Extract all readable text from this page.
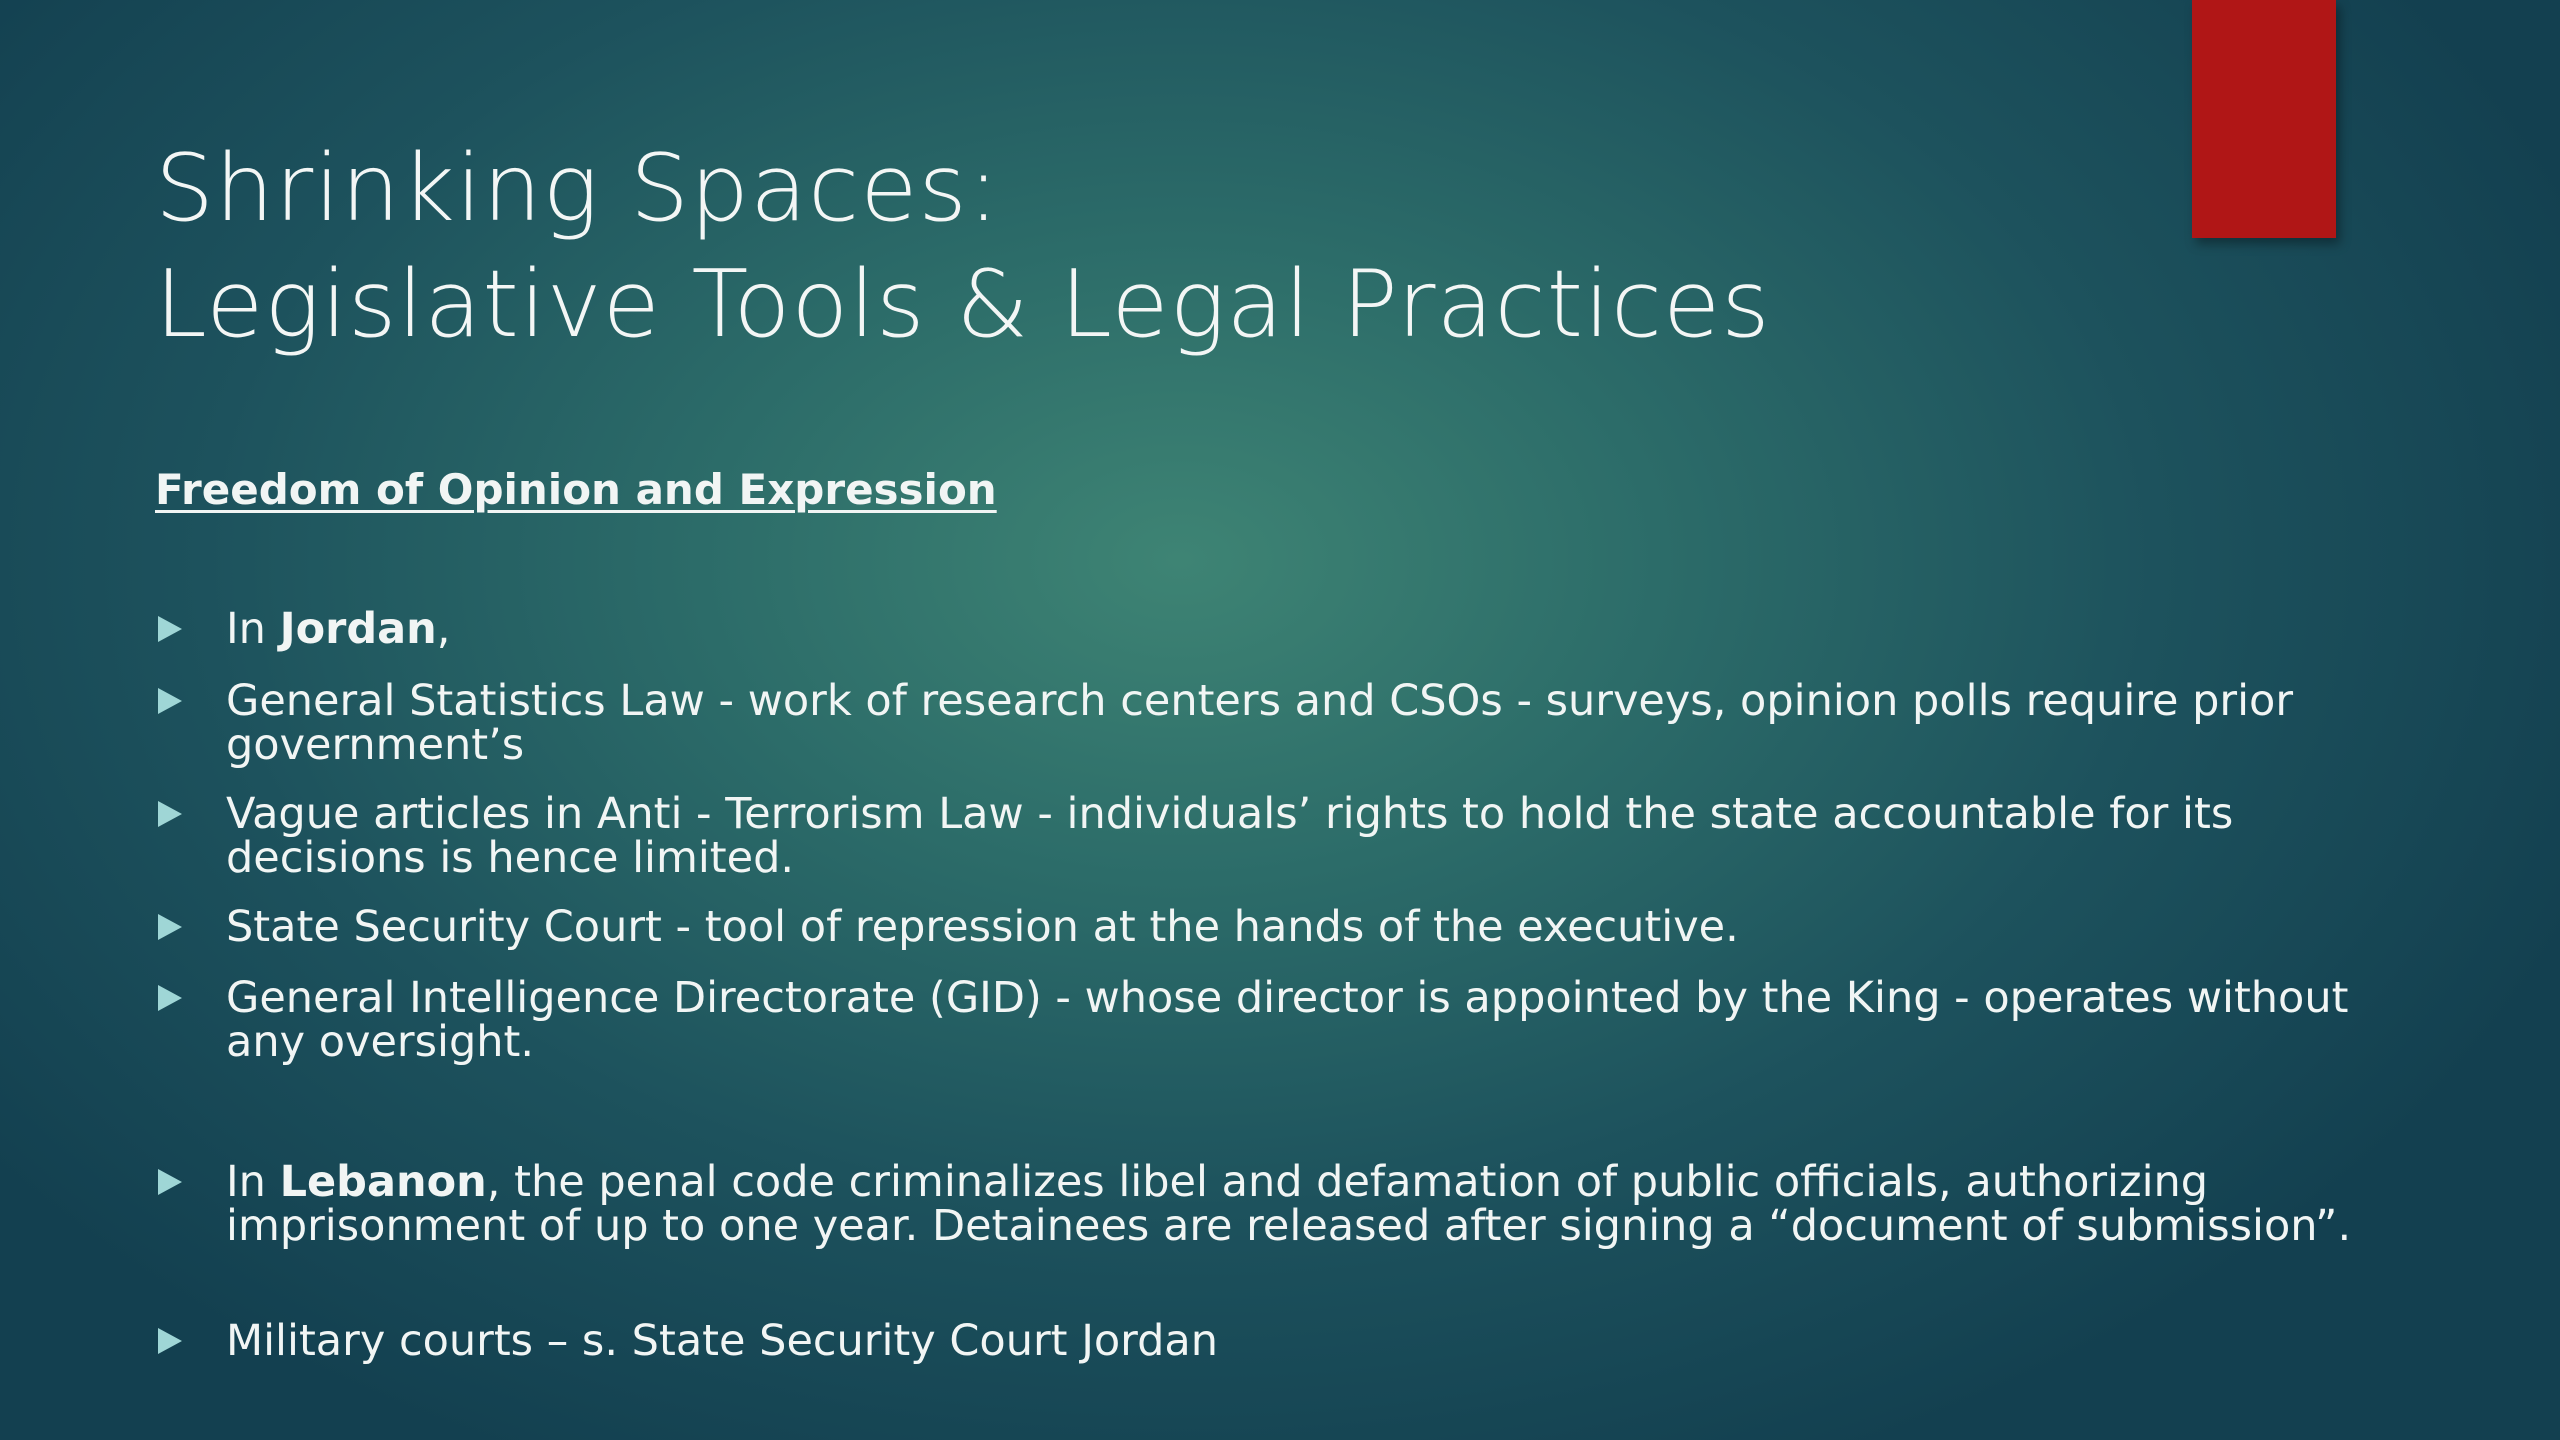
Shrinking Spaces:
Legislative Tools & Legal Practices
Freedom of Opinion and Expression

In Jordan,

General Statistics Law - work of research centers and CSOs - surveys, opinion polls require prior government’s

Vague articles in Anti - Terrorism Law - individuals’ rights to hold the state accountable for its decisions is hence limited.

State Security Court - tool of repression at the hands of the executive.

General Intelligence Directorate (GID) - whose director is appointed by the King - operates without any oversight.

In Lebanon, the penal code criminalizes libel and defamation of public officials, authorizing imprisonment of up to one year. Detainees are released after signing a “document of submission”.

Military courts – s. State Security Court Jordan
